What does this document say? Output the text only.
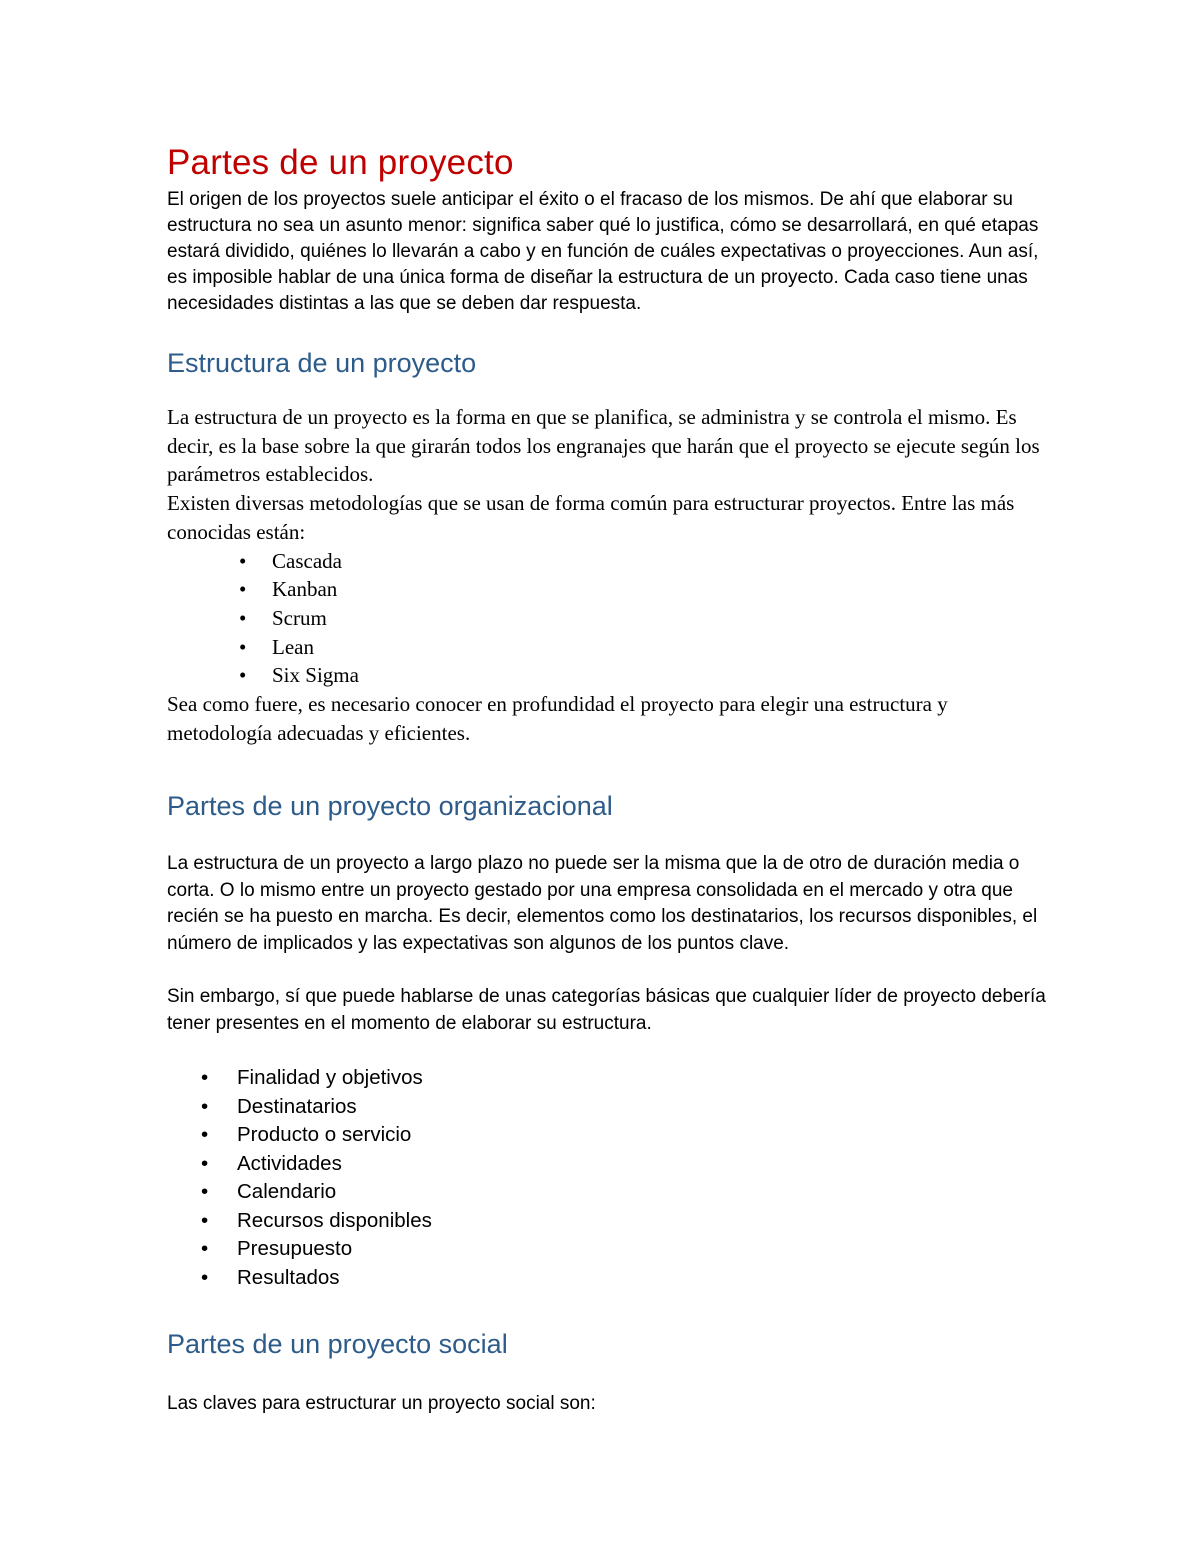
Partes de un proyecto

El origen de los proyectos suele anticipar el éxito o el fracaso de los mismos. De ahí que elaborar su estructura no sea un asunto menor: significa saber qué lo justifica, cómo se desarrollará, en qué etapas estará dividido, quiénes lo llevarán a cabo y en función de cuáles expectativas o proyecciones. Aun así, es imposible hablar de una única forma de diseñar la estructura de un proyecto. Cada caso tiene unas necesidades distintas a las que se deben dar respuesta.

Estructura de un proyecto

La estructura de un proyecto es la forma en que se planifica, se administra y se controla el mismo. Es decir, es la base sobre la que girarán todos los engranajes que harán que el proyecto se ejecute según los parámetros establecidos.

Existen diversas metodologías que se usan de forma común para estructurar proyectos. Entre las más conocidas están:

• Cascada
• Kanban
• Scrum
• Lean
• Six Sigma

Sea como fuere, es necesario conocer en profundidad el proyecto para elegir una estructura y metodología adecuadas y eficientes.

Partes de un proyecto organizacional

La estructura de un proyecto a largo plazo no puede ser la misma que la de otro de duración media o corta. O lo mismo entre un proyecto gestado por una empresa consolidada en el mercado y otra que recién se ha puesto en marcha. Es decir, elementos como los destinatarios, los recursos disponibles, el número de implicados y las expectativas son algunos de los puntos clave.

Sin embargo, sí que puede hablarse de unas categorías básicas que cualquier líder de proyecto debería tener presentes en el momento de elaborar su estructura.

• Finalidad y objetivos
• Destinatarios
• Producto o servicio
• Actividades
• Calendario
• Recursos disponibles
• Presupuesto
• Resultados
Partes de un proyecto social

Las claves para estructurar un proyecto social son:
